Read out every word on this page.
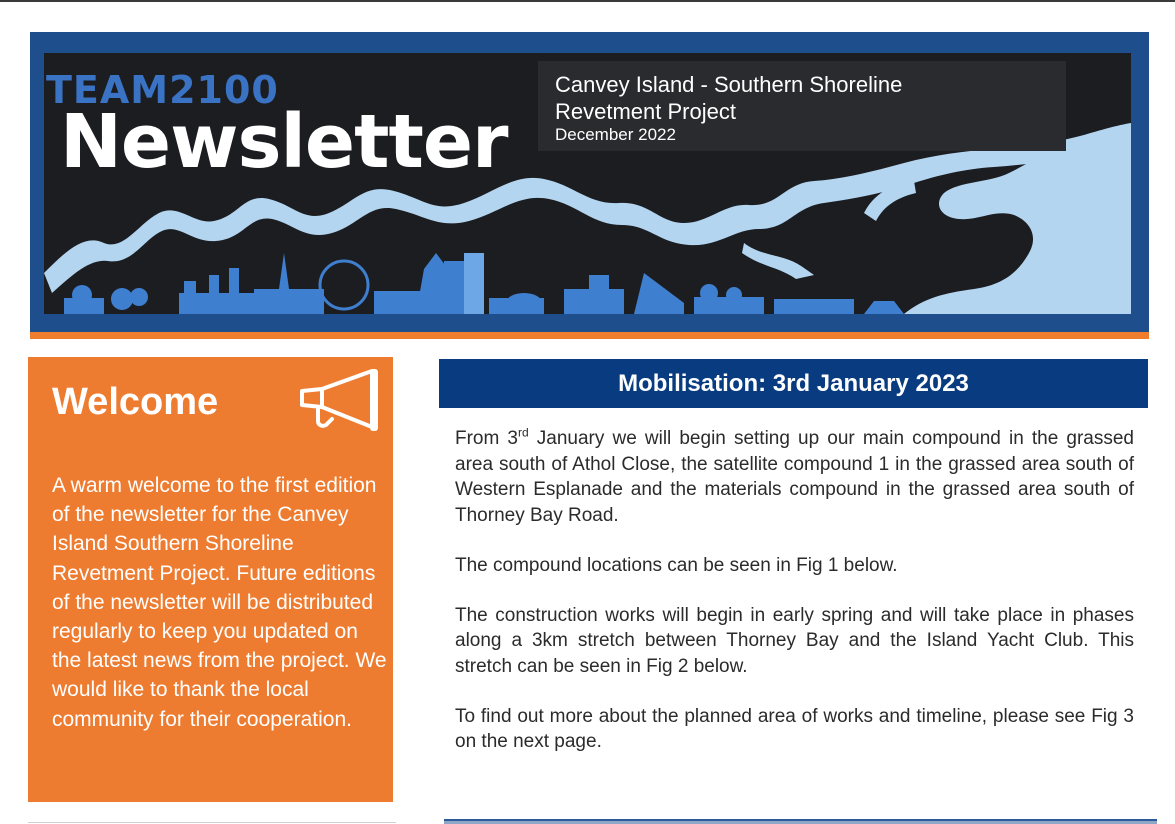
TEAM2100
Newsletter
Canvey Island - Southern Shoreline Revetment Project
December 2022
Welcome

A warm welcome to the first edition of the newsletter for the Canvey Island Southern Shoreline Revetment Project. Future editions of the newsletter will be distributed regularly to keep you updated on the latest news from the project. We would like to thank the local community for their cooperation.

Mobilisation: 3rd January 2023

From 3rd January we will begin setting up our main compound in the grassed area south of Athol Close, the satellite compound 1 in the grassed area south of Western Esplanade and the materials compound in the grassed area south of Thorney Bay Road.

The compound locations can be seen in Fig 1 below.

The construction works will begin in early spring and will take place in phases along a 3km stretch between Thorney Bay and the Island Yacht Club. This stretch can be seen in Fig 2 below.

To find out more about the planned area of works and timeline, please see Fig 3 on the next page.
